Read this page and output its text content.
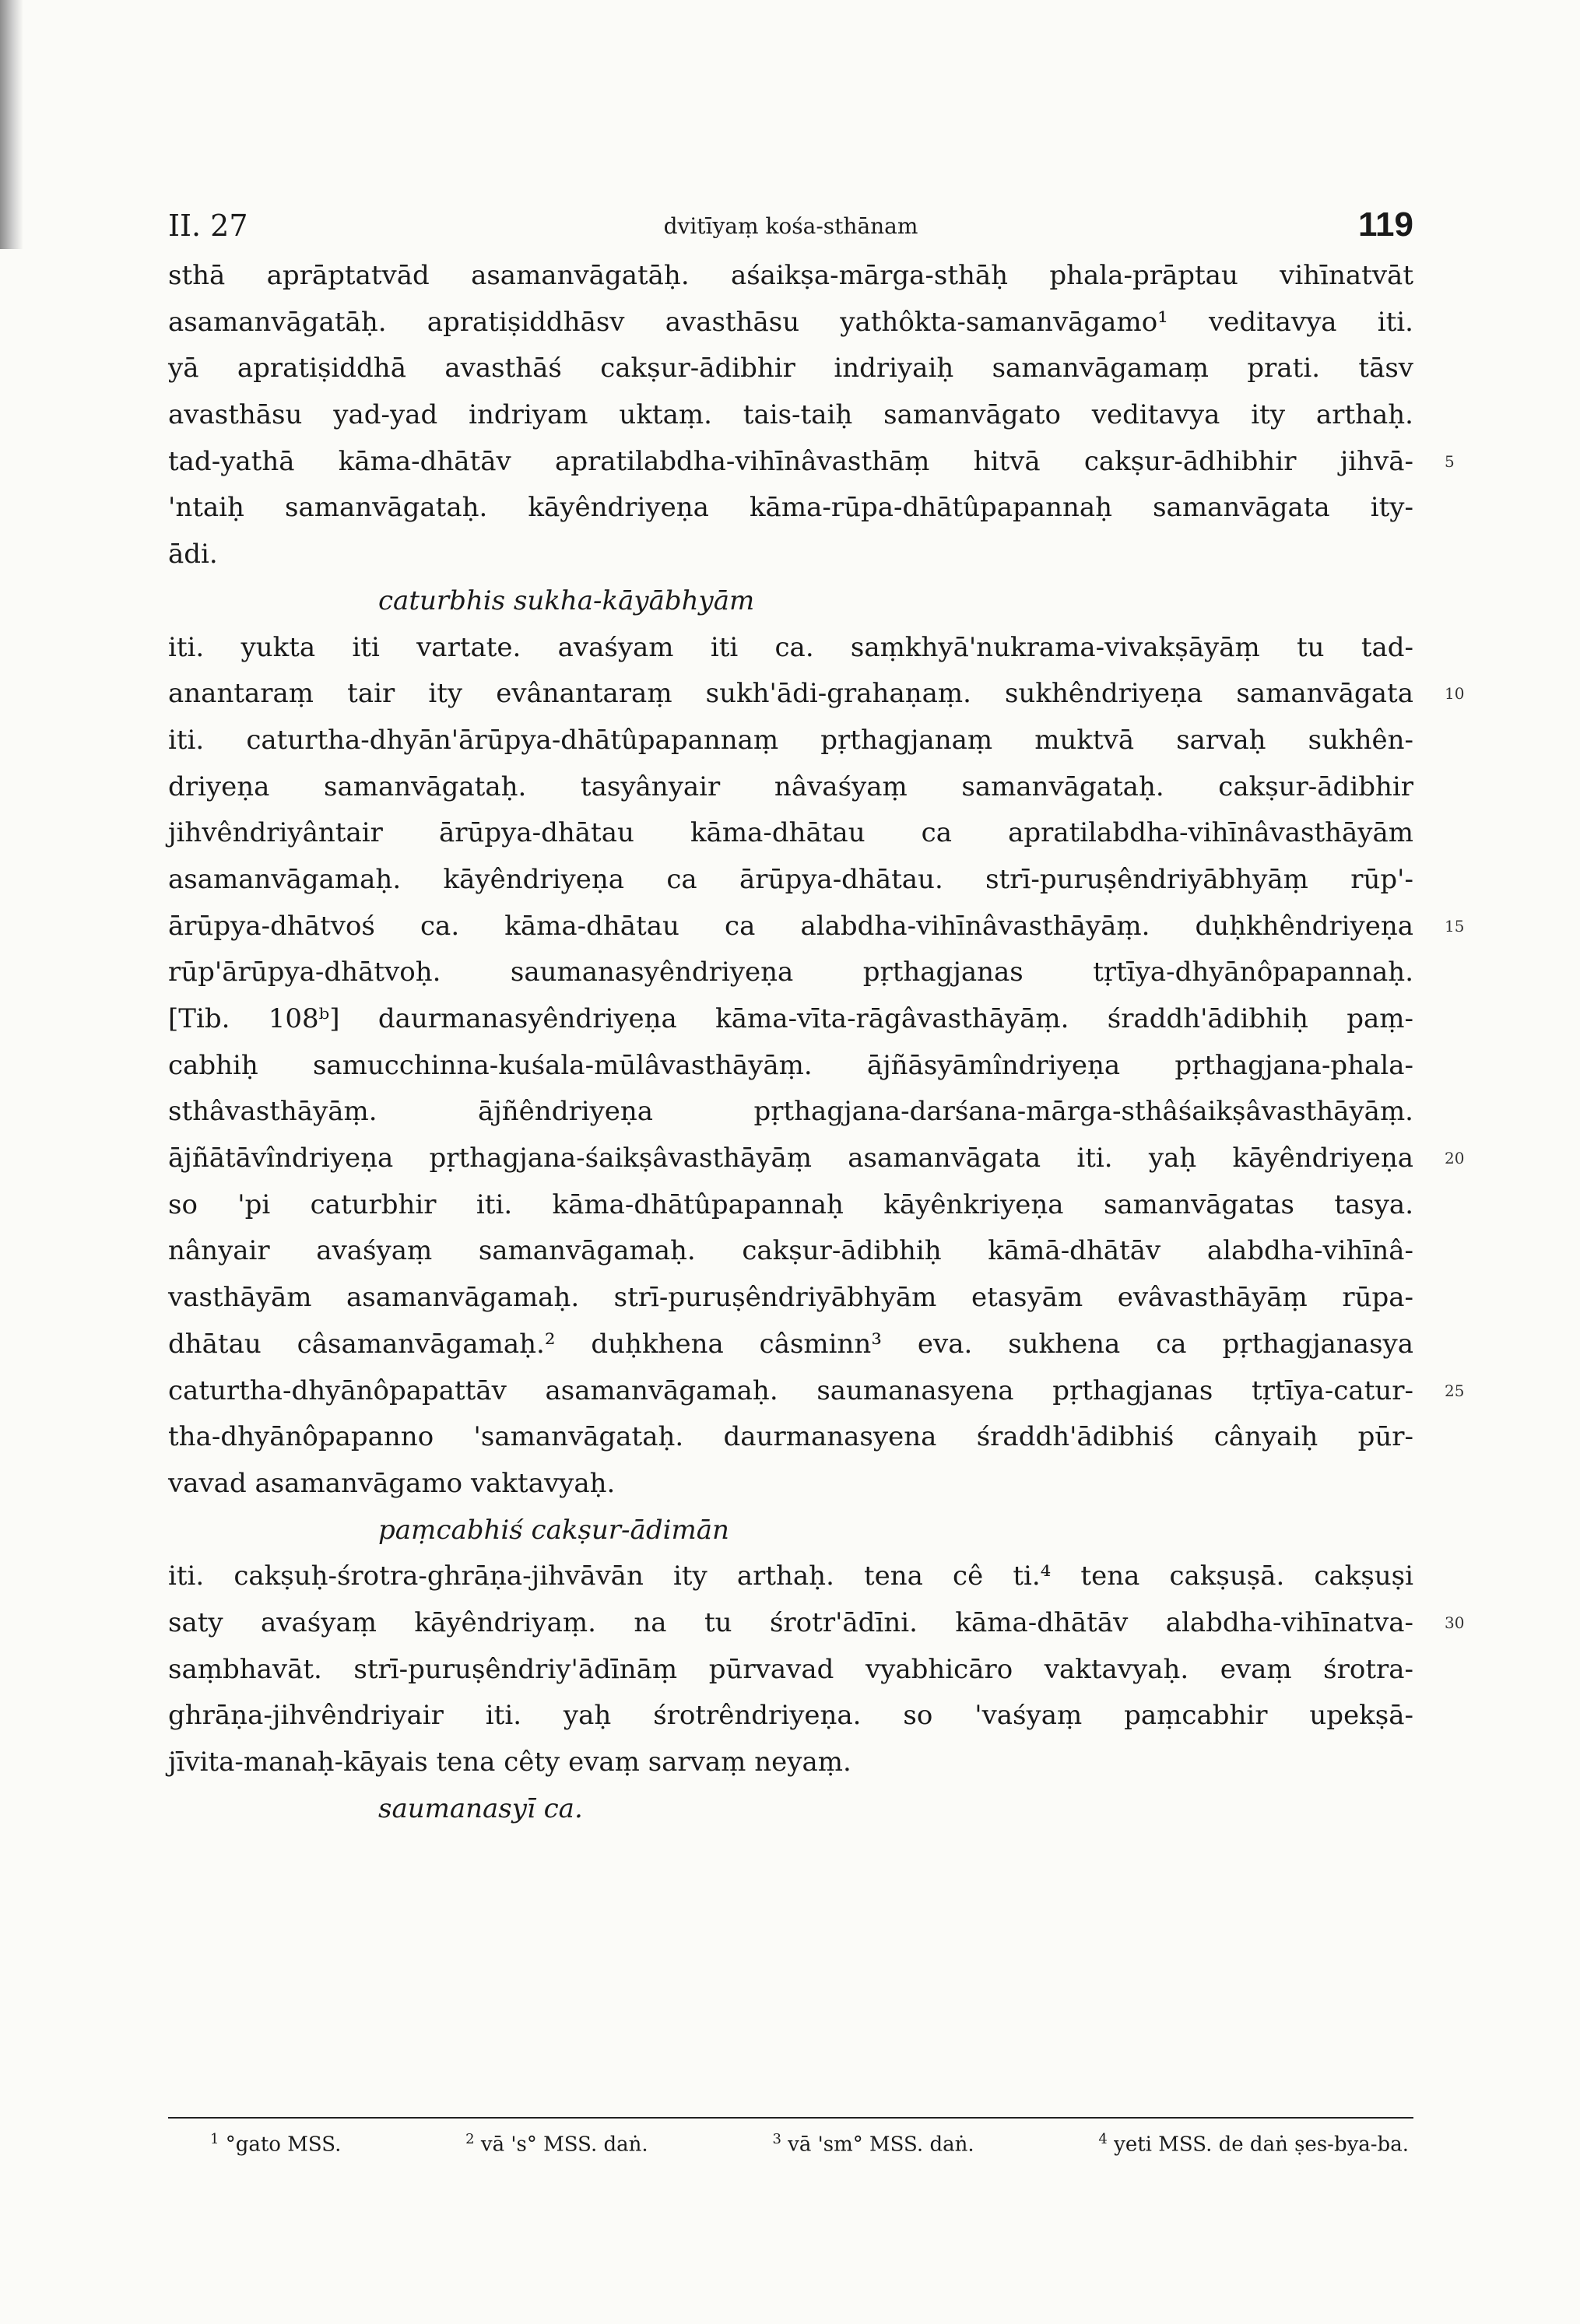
II. 27	dvitīyaṃ kośa-sthānam	119
sthā aprāptatvād asamanvāgatāḥ. aśaikṣa-mārga-sthāḥ phala-prāptau vihīnatvāt
asamanvāgatāḥ. apratiṣiddhāsv avasthāsu yathôkta-samanvāgamo¹ veditavya iti.
yā apratiṣiddhā avasthāś cakṣur-ādibhir indriyaiḥ samanvāgamaṃ prati. tāsv
avasthāsu yad-yad indriyam uktaṃ. tais-taiḥ samanvāgato veditavya ity arthaḥ.
tad-yathā kāma-dhātāv apratilabdha-vihīnâvasthāṃ hitvā cakṣur-ādhibhir jihvā- 5
'ntaiḥ samanvāgataḥ. kāyêndriyeṇa kāma-rūpa-dhātûpapannaḥ samanvāgata ity-
ādi.
caturbhis sukha-kāyābhyām
iti. yukta iti vartate. avaśyam iti ca. saṃkhyā'nukrama-vivakṣāyāṃ tu tad-
anantaraṃ tair ity evânantaraṃ sukh'ādi-grahaṇaṃ. sukhêndriyeṇa samanvāgata 10
iti. caturtha-dhyān'ārūpya-dhātûpapannaṃ pṛthagjanaṃ muktvā sarvaḥ sukhên-
driyeṇa samanvāgataḥ. tasyânyair nâvaśyaṃ samanvāgataḥ. cakṣur-ādibhir
jihvêndriyântair ārūpya-dhātau kāma-dhātau ca apratilabdha-vihīnâvasthāyām
asamanvāgamaḥ. kāyêndriyeṇa ca ārūpya-dhātau. strī-puruṣêndriyābhyāṃ rūp'-
ārūpya-dhātvoś ca. kāma-dhātau ca alabdha-vihīnâvasthāyāṃ. duḥkhêndriyeṇa 15
rūp'ārūpya-dhātvoḥ. saumanasyêndriyeṇa pṛthagjanas tṛtīya-dhyānôpapannaḥ.
[Tib. 108ᵇ] daurmanasyêndriyeṇa kāma-vīta-rāgâvasthāyāṃ. śraddh'ādibhiḥ paṃ-
cabhiḥ samucchinna-kuśala-mūlâvasthāyāṃ. ājñāsyāmîndriyeṇa pṛthagjana-phala-
sthâvasthāyāṃ. ājñêndriyeṇa pṛthagjana-darśana-mārga-sthâśaikṣâvasthāyāṃ.
ājñātāvîndriyeṇa pṛthagjana-śaikṣâvasthāyāṃ asamanvāgata iti. yaḥ kāyêndriyeṇa 20
so 'pi caturbhir iti. kāma-dhātûpapannaḥ kāyênkriyeṇa samanvāgatas tasya.
nânyair avaśyaṃ samanvāgamaḥ. cakṣur-ādibhiḥ kāmā-dhātāv alabdha-vihīnâ-
vasthāyām asamanvāgamaḥ. strī-puruṣêndriyābhyām etasyām evâvasthāyāṃ rūpa-
dhātau câsamanvāgamaḥ.² duḥkhena câsminn³ eva. sukhena ca pṛthagjanasya
caturtha-dhyānôpapattāv asamanvāgamaḥ. saumanasyena pṛthagjanas tṛtīya-catur- 25
tha-dhyānôpapanno 'samanvāgataḥ. daurmanasyena śraddh'ādibhiś cânyaiḥ pūr-
vavad asamanvāgamo vaktavyaḥ.
paṃcabhiś cakṣur-ādimān
iti. cakṣuḥ-śrotra-ghrāṇa-jihvāvān ity arthaḥ. tena cê ti.⁴ tena cakṣuṣā. cakṣuṣi
saty avaśyaṃ kāyêndriyaṃ. na tu śrotr'ādīni. kāma-dhātāv alabdha-vihīnatva- 30
saṃbhavāt. strī-puruṣêndriy'ādīnāṃ pūrvavad vyabhicāro vaktavyaḥ. evaṃ śrotra-
ghrāṇa-jihvêndriyair iti. yaḥ śrotrêndriyeṇa. so 'vaśyaṃ paṃcabhir upekṣā-
jīvita-manaḥ-kāyais tena cêty evaṃ sarvaṃ neyaṃ.
saumanasyī ca.
$^1$ °gato MSS.	$^2$ vā 's° MSS. daṅ.	$^3$ vā 'sm° MSS. daṅ.	$^4$ yeti MSS. de daṅ ṣes-bya-ba.
